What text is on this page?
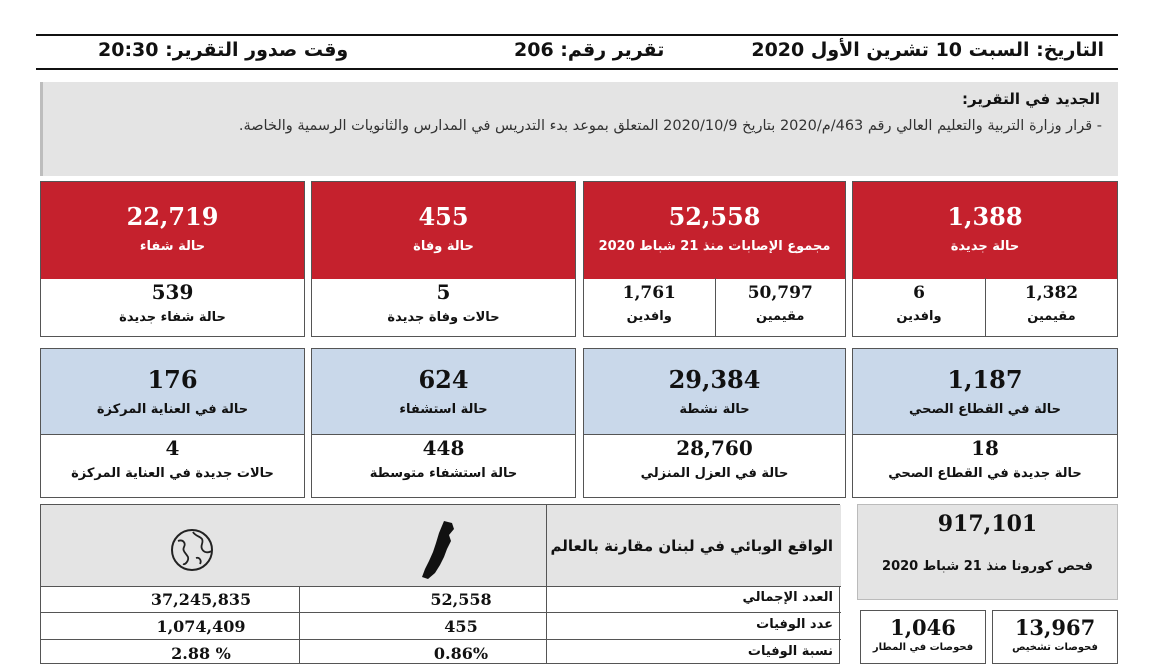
التاريخ: السبت 10 تشرين الأول 2020
تقرير رقم: 206
وقت صدور التقرير: 20:30
الجديد في التقرير:
- قرار وزارة التربية والتعليم العالي رقم 463/م/2020 بتاريخ 2020/10/9 المتعلق بموعد بدء التدريس في المدارس والثانويات الرسمية والخاصة.
1,388
حالة جديدة
1,382
مقيمين
6
وافدين
52,558
مجموع الإصابات منذ 21 شباط 2020
50,797
مقيمين
1,761
وافدين
455
حالة وفاة
5
حالات وفاة جديدة
22,719
حالة شفاء
539
حالة شفاء جديدة
1,187
حالة في القطاع الصحي
18
حالة جديدة في القطاع الصحي
29,384
حالة نشطة
28,760
حالة في العزل المنزلي
624
حالة استشفاء
448
حالة استشفاء متوسطة
176
حالة في العناية المركزة
4
حالات جديدة في العناية المركزة
الواقع الوبائي في لبنان مقارنة بالعالم
37,245,835	52,558	العدد الإجمالي
1,074,409	455	عدد الوفيات
2.88 %	0.86%	نسبة الوفيات
917,101
فحص كورونا منذ 21 شباط 2020
13,967
فحوصات تشخيص
1,046
فحوصات في المطار
